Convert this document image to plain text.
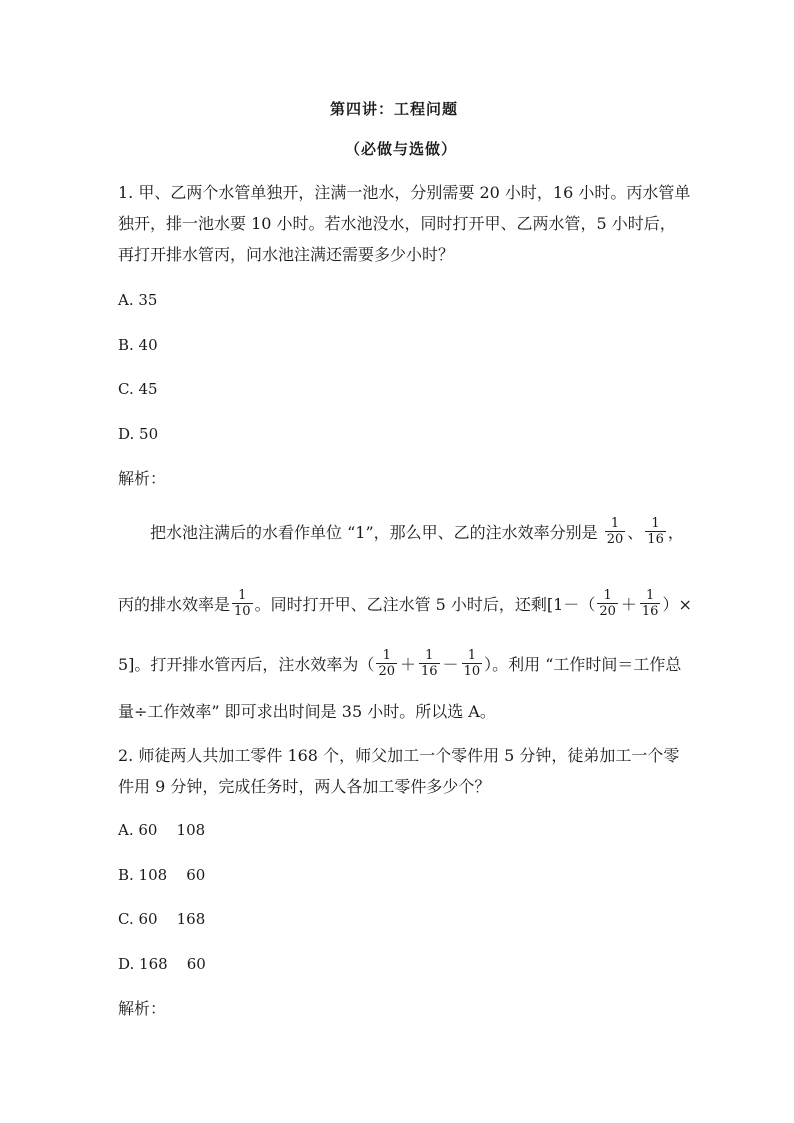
第四讲：工程问题
（必做与选做）
1. 甲、乙两个水管单独开，注满一池水，分别需要 20 小时，16 小时。丙水管单
独开，排一池水要 10 小时。若水池没水，同时打开甲、乙两水管，5 小时后，
再打开排水管丙，问水池注满还需要多少小时？
A. 35
B. 40
C. 45
D. 50
解析：
把水池注满后的水看作单位 “1”，那么甲、乙的注水效率分别是 $\frac{1}{20}$ 、 $\frac{1}{16}$ ，
丙的排水效率是 $\frac{1}{10}$ 。同时打开甲、乙注水管 5 小时后，还剩[$1-( \frac{1}{20} + \frac{1}{16}$ ）×
5]。打开排水管丙后，注水效率为（ $\frac{1}{20} + \frac{1}{16} - \frac{1}{10}$ ）。利用 “工作时间＝工作总
量÷工作效率” 即可求出时间是 35 小时。所以选 A。
2. 师徒两人共加工零件 168 个，师父加工一个零件用 5 分钟，徒弟加工一个零
件用 9 分钟，完成任务时，两人各加工零件多少个？
A. 60    108
B. 108    60
C. 60    168
D. 168    60
解析：
